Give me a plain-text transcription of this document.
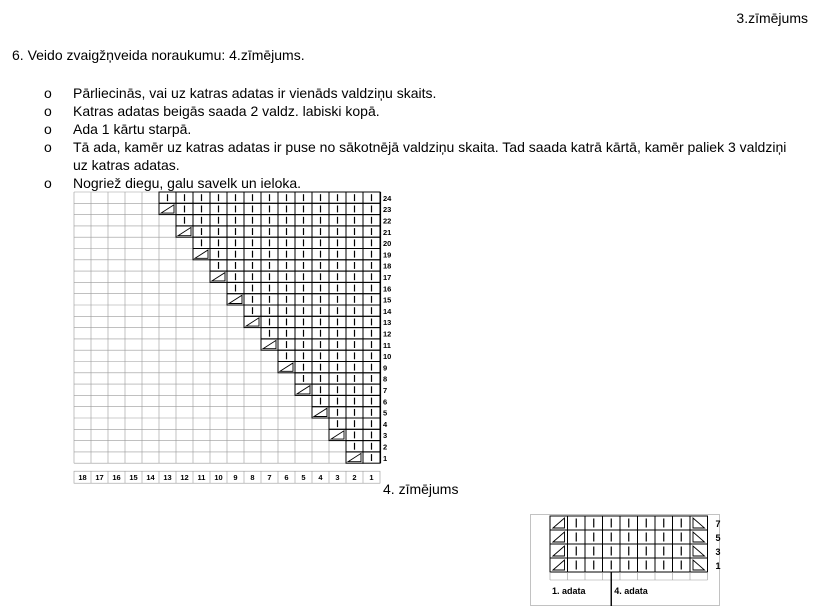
3.zīmējums
6. Veido zvaigžņveida noraukumu: 4.zīmējums.
o Pārliecinās, vai uz katras adatas ir vienāds valdziņu skaits.
o Katras adatas beigās saada 2 valdz. labiski kopā.
o Ada 1 kārtu starpā.
o Tā ada, kamēr uz katras adatas ir puse no sākotnējā valdziņu skaita. Tad saada katrā kārtā, kamēr paliek 3 valdziņi uz katras adatas.
o Nogriež diegu, galu savelk un ieloka.
1
2
3
4
5
6
7
8
9
10
11
12
13
14
15
16
17
18
19
20
21
22
23
24
18 17 16 15 14 13 12 11 10 9 8 7 6 5 4 3 2 1
4. zīmējums
7
5
3
1
1. adata	4. adata
